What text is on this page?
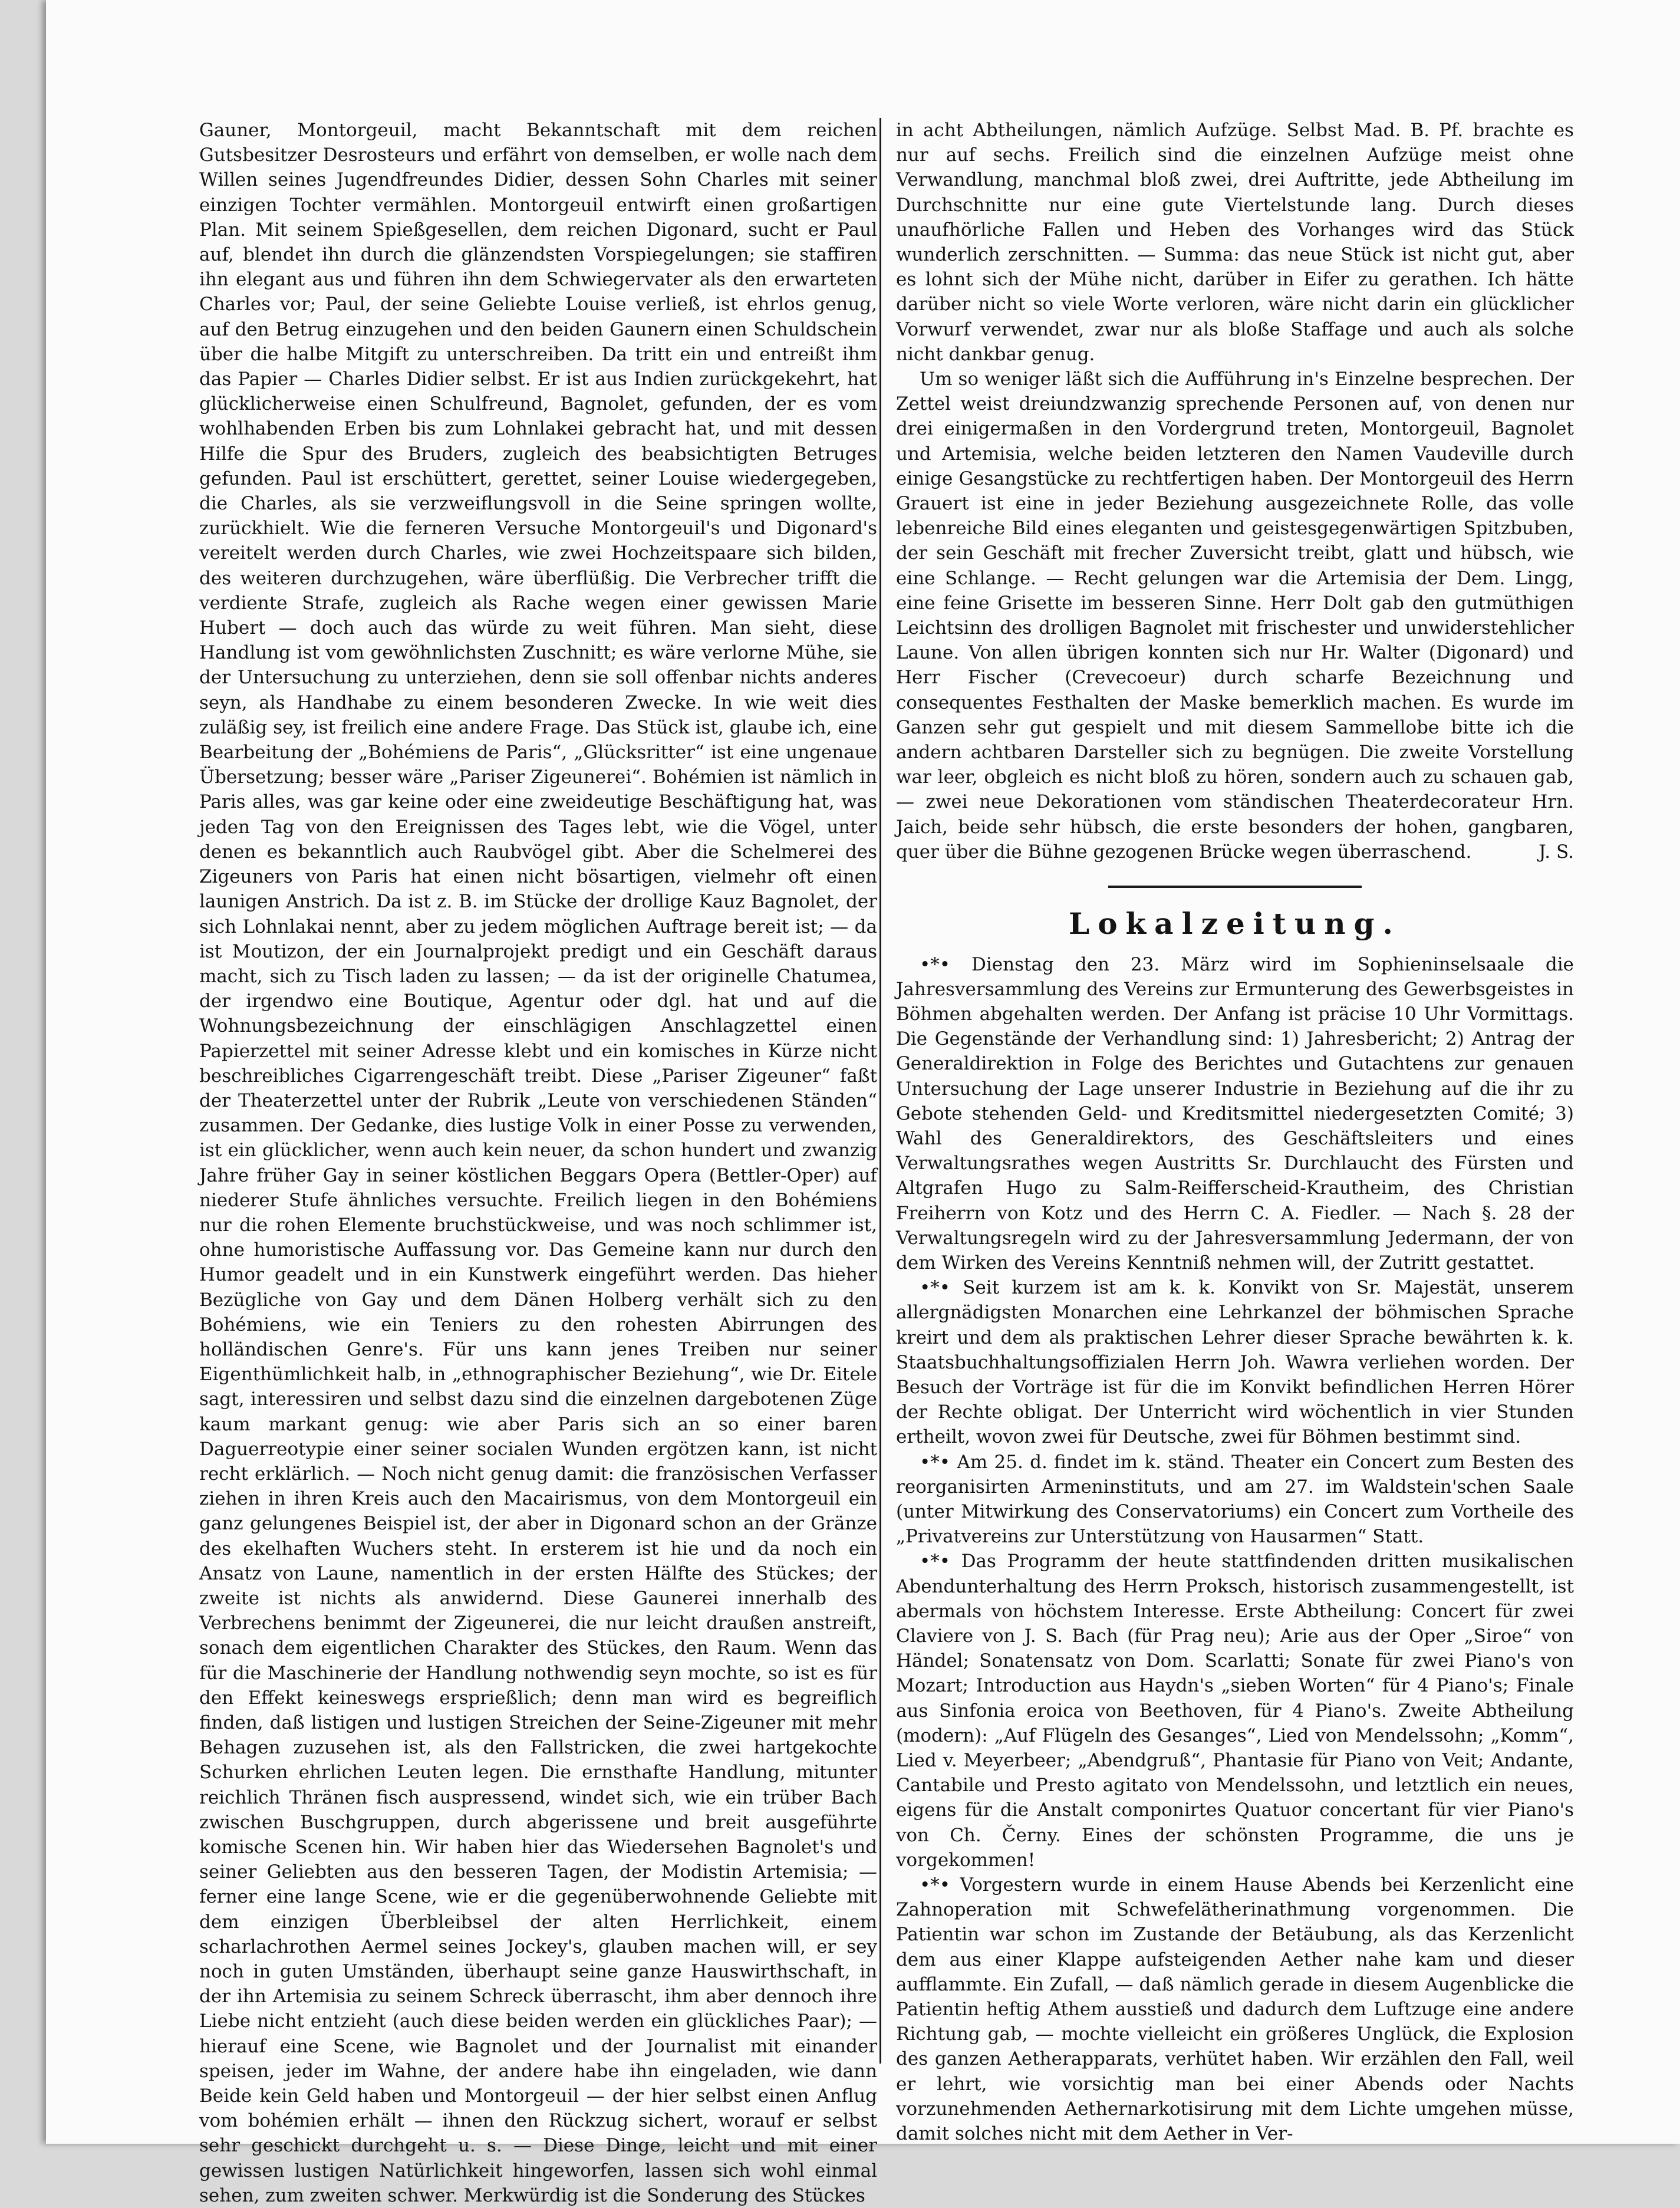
Gauner, Montorgeuil, macht Bekanntschaft mit dem reichen Gutsbesitzer Desrosteurs und erfährt von demselben, er wolle nach dem Willen seines Jugendfreundes Didier, dessen Sohn Charles mit seiner einzigen Tochter vermählen. Montorgeuil entwirft einen großartigen Plan. Mit seinem Spießgesellen, dem reichen Digonard, sucht er Paul auf, blendet ihn durch die glänzendsten Vorspiegelungen; sie staffiren ihn elegant aus und führen ihn dem Schwiegervater als den erwarteten Charles vor; Paul, der seine Geliebte Louise verließ, ist ehrlos genug, auf den Betrug einzugehen und den beiden Gaunern einen Schuldschein über die halbe Mitgift zu unterschreiben. Da tritt ein und entreißt ihm das Papier — Charles Didier selbst. Er ist aus Indien zurückgekehrt, hat glücklicherweise einen Schulfreund, Bagnolet, gefunden, der es vom wohlhabenden Erben bis zum Lohnlakei gebracht hat, und mit dessen Hilfe die Spur des Bruders, zugleich des beabsichtigten Betruges gefunden. Paul ist erschüttert, gerettet, seiner Louise wiedergegeben, die Charles, als sie verzweiflungsvoll in die Seine springen wollte, zurückhielt. Wie die ferneren Versuche Montorgeuil's und Digonard's vereitelt werden durch Charles, wie zwei Hochzeitspaare sich bilden, des weiteren durchzugehen, wäre überflüßig. Die Verbrecher trifft die verdiente Strafe, zugleich als Rache wegen einer gewissen Marie Hubert — doch auch das würde zu weit führen. Man sieht, diese Handlung ist vom gewöhnlichsten Zuschnitt; es wäre verlorne Mühe, sie der Untersuchung zu unterziehen, denn sie soll offenbar nichts anderes seyn, als Handhabe zu einem besonderen Zwecke. In wie weit dies zuläßig sey, ist freilich eine andere Frage. Das Stück ist, glaube ich, eine Bearbeitung der „Bohémiens de Paris“, „Glücksritter“ ist eine ungenaue Übersetzung; besser wäre „Pariser Zigeunerei“. Bohémien ist nämlich in Paris alles, was gar keine oder eine zweideutige Beschäftigung hat, was jeden Tag von den Ereignissen des Tages lebt, wie die Vögel, unter denen es bekanntlich auch Raubvögel gibt. Aber die Schelmerei des Zigeuners von Paris hat einen nicht bösartigen, vielmehr oft einen launigen Anstrich. Da ist z. B. im Stücke der drollige Kauz Bagnolet, der sich Lohnlakai nennt, aber zu jedem möglichen Auftrage bereit ist; — da ist Moutizon, der ein Journalprojekt predigt und ein Geschäft daraus macht, sich zu Tisch laden zu lassen; — da ist der originelle Chatumea, der irgendwo eine Boutique, Agentur oder dgl. hat und auf die Wohnungsbezeichnung der einschlägigen Anschlagzettel einen Papierzettel mit seiner Adresse klebt und ein komisches in Kürze nicht beschreibliches Cigarrengeschäft treibt. Diese „Pariser Zigeuner“ faßt der Theaterzettel unter der Rubrik „Leute von verschiedenen Ständen“ zusammen. Der Gedanke, dies lustige Volk in einer Posse zu verwenden, ist ein glücklicher, wenn auch kein neuer, da schon hundert und zwanzig Jahre früher Gay in seiner köstlichen Beggars Opera (Bettler-Oper) auf niederer Stufe ähnliches versuchte. Freilich liegen in den Bohémiens nur die rohen Elemente bruchstückweise, und was noch schlimmer ist, ohne humoristische Auffassung vor. Das Gemeine kann nur durch den Humor geadelt und in ein Kunstwerk eingeführt werden. Das hieher Bezügliche von Gay und dem Dänen Holberg verhält sich zu den Bohémiens, wie ein Teniers zu den rohesten Abirrungen des holländischen Genre's. Für uns kann jenes Treiben nur seiner Eigenthümlichkeit halb, in „ethnographischer Beziehung“, wie Dr. Eitele sagt, interessiren und selbst dazu sind die einzelnen dargebotenen Züge kaum markant genug: wie aber Paris sich an so einer baren Daguerreotypie einer seiner socialen Wunden ergötzen kann, ist nicht recht erklärlich. — Noch nicht genug damit: die französischen Verfasser ziehen in ihren Kreis auch den Macairismus, von dem Montorgeuil ein ganz gelungenes Beispiel ist, der aber in Digonard schon an der Gränze des ekelhaften Wuchers steht. In ersterem ist hie und da noch ein Ansatz von Laune, namentlich in der ersten Hälfte des Stückes; der zweite ist nichts als anwidernd. Diese Gaunerei innerhalb des Verbrechens benimmt der Zigeunerei, die nur leicht draußen anstreift, sonach dem eigentlichen Charakter des Stückes, den Raum. Wenn das für die Maschinerie der Handlung nothwendig seyn mochte, so ist es für den Effekt keineswegs ersprießlich; denn man wird es begreiflich finden, daß listigen und lustigen Streichen der Seine-Zigeuner mit mehr Behagen zuzusehen ist, als den Fallstricken, die zwei hartgekochte Schurken ehrlichen Leuten legen. Die ernsthafte Handlung, mitunter reichlich Thränen fisch auspressend, windet sich, wie ein trüber Bach zwischen Buschgruppen, durch abgerissene und breit ausgeführte komische Scenen hin. Wir haben hier das Wiedersehen Bagnolet's und seiner Geliebten aus den besseren Tagen, der Modistin Artemisia; — ferner eine lange Scene, wie er die gegenüberwohnende Geliebte mit dem einzigen Überbleibsel der alten Herrlichkeit, einem scharlachrothen Aermel seines Jockey's, glauben machen will, er sey noch in guten Umständen, überhaupt seine ganze Hauswirthschaft, in der ihn Artemisia zu seinem Schreck überrascht, ihm aber dennoch ihre Liebe nicht entzieht (auch diese beiden werden ein glückliches Paar); — hierauf eine Scene, wie Bagnolet und der Journalist mit einander speisen, jeder im Wahne, der andere habe ihn eingeladen, wie dann Beide kein Geld haben und Montorgeuil — der hier selbst einen Anflug vom bohémien erhält — ihnen den Rückzug sichert, worauf er selbst sehr geschickt durchgeht u. s. — Diese Dinge, leicht und mit einer gewissen lustigen Natürlichkeit hingeworfen, lassen sich wohl einmal sehen, zum zweiten schwer. Merkwürdig ist die Sonderung des Stückes

in acht Abtheilungen, nämlich Aufzüge. Selbst Mad. B. Pf. brachte es nur auf sechs. Freilich sind die einzelnen Aufzüge meist ohne Verwandlung, manchmal bloß zwei, drei Auftritte, jede Abtheilung im Durchschnitte nur eine gute Viertelstunde lang. Durch dieses unaufhörliche Fallen und Heben des Vorhanges wird das Stück wunderlich zerschnitten. — Summa: das neue Stück ist nicht gut, aber es lohnt sich der Mühe nicht, darüber in Eifer zu gerathen. Ich hätte darüber nicht so viele Worte verloren, wäre nicht darin ein glücklicher Vorwurf verwendet, zwar nur als bloße Staffage und auch als solche nicht dankbar genug.

Um so weniger läßt sich die Aufführung in's Einzelne besprechen. Der Zettel weist dreiundzwanzig sprechende Personen auf, von denen nur drei einigermaßen in den Vordergrund treten, Montorgeuil, Bagnolet und Artemisia, welche beiden letzteren den Namen Vaudeville durch einige Gesangstücke zu rechtfertigen haben. Der Montorgeuil des Herrn Grauert ist eine in jeder Beziehung ausgezeichnete Rolle, das volle lebenreiche Bild eines eleganten und geistesgegenwärtigen Spitzbuben, der sein Geschäft mit frecher Zuversicht treibt, glatt und hübsch, wie eine Schlange. — Recht gelungen war die Artemisia der Dem. Lingg, eine feine Grisette im besseren Sinne. Herr Dolt gab den gutmüthigen Leichtsinn des drolligen Bagnolet mit frischester und unwiderstehlicher Laune. Von allen übrigen konnten sich nur Hr. Walter (Digonard) und Herr Fischer (Crevecoeur) durch scharfe Bezeichnung und consequentes Festhalten der Maske bemerklich machen. Es wurde im Ganzen sehr gut gespielt und mit diesem Sammellobe bitte ich die andern achtbaren Darsteller sich zu begnügen. Die zweite Vorstellung war leer, obgleich es nicht bloß zu hören, sondern auch zu schauen gab, — zwei neue Dekorationen vom ständischen Theaterdecorateur Hrn. Jaich, beide sehr hübsch, die erste besonders der hohen, gangbaren, quer über die Bühne gezogenen Brücke wegen überraschend.	J. S.
Lokalzeitung.

•*• Dienstag den 23. März wird im Sophieninselsaale die Jahresversammlung des Vereins zur Ermunterung des Gewerbsgeistes in Böhmen abgehalten werden. Der Anfang ist präcise 10 Uhr Vormittags. Die Gegenstände der Verhandlung sind: 1) Jahresbericht; 2) Antrag der Generaldirektion in Folge des Berichtes und Gutachtens zur genauen Untersuchung der Lage unserer Industrie in Beziehung auf die ihr zu Gebote stehenden Geld- und Kreditsmittel niedergesetzten Comité; 3) Wahl des Generaldirektors, des Geschäftsleiters und eines Verwaltungsrathes wegen Austritts Sr. Durchlaucht des Fürsten und Altgrafen Hugo zu Salm-Reifferscheid-Krautheim, des Christian Freiherrn von Kotz und des Herrn C. A. Fiedler. — Nach §. 28 der Verwaltungsregeln wird zu der Jahresversammlung Jedermann, der von dem Wirken des Vereins Kenntniß nehmen will, der Zutritt gestattet.

•*• Seit kurzem ist am k. k. Konvikt von Sr. Majestät, unserem allergnädigsten Monarchen eine Lehrkanzel der böhmischen Sprache kreirt und dem als praktischen Lehrer dieser Sprache bewährten k. k. Staatsbuchhaltungsoffizialen Herrn Joh. Wawra verliehen worden. Der Besuch der Vorträge ist für die im Konvikt befindlichen Herren Hörer der Rechte obligat. Der Unterricht wird wöchentlich in vier Stunden ertheilt, wovon zwei für Deutsche, zwei für Böhmen bestimmt sind.

•*• Am 25. d. findet im k. ständ. Theater ein Concert zum Besten des reorganisirten Armeninstituts, und am 27. im Waldstein'schen Saale (unter Mitwirkung des Conservatoriums) ein Concert zum Vortheile des „Privatvereins zur Unterstützung von Hausarmen“ Statt.

•*• Das Programm der heute stattfindenden dritten musikalischen Abendunterhaltung des Herrn Proksch, historisch zusammengestellt, ist abermals von höchstem Interesse. Erste Abtheilung: Concert für zwei Claviere von J. S. Bach (für Prag neu); Arie aus der Oper „Siroe“ von Händel; Sonatensatz von Dom. Scarlatti; Sonate für zwei Piano's von Mozart; Introduction aus Haydn's „sieben Worten“ für 4 Piano's; Finale aus Sinfonia eroica von Beethoven, für 4 Piano's. Zweite Abtheilung (modern): „Auf Flügeln des Gesanges“, Lied von Mendelssohn; „Komm“, Lied v. Meyerbeer; „Abendgruß“, Phantasie für Piano von Veit; Andante, Cantabile und Presto agitato von Mendelssohn, und letztlich ein neues, eigens für die Anstalt componirtes Quatuor concertant für vier Piano's von Ch. Černy. Eines der schönsten Programme, die uns je vorgekommen!

•*• Vorgestern wurde in einem Hause Abends bei Kerzenlicht eine Zahnoperation mit Schwefelätherinathmung vorgenommen. Die Patientin war schon im Zustande der Betäubung, als das Kerzenlicht dem aus einer Klappe aufsteigenden Aether nahe kam und dieser aufflammte. Ein Zufall, — daß nämlich gerade in diesem Augenblicke die Patientin heftig Athem ausstieß und dadurch dem Luftzuge eine andere Richtung gab, — mochte vielleicht ein größeres Unglück, die Explosion des ganzen Aetherapparats, verhütet haben. Wir erzählen den Fall, weil er lehrt, wie vorsichtig man bei einer Abends oder Nachts vorzunehmenden Aethernarkotisirung mit dem Lichte umgehen müsse, damit solches nicht mit dem Aether in Ver-
